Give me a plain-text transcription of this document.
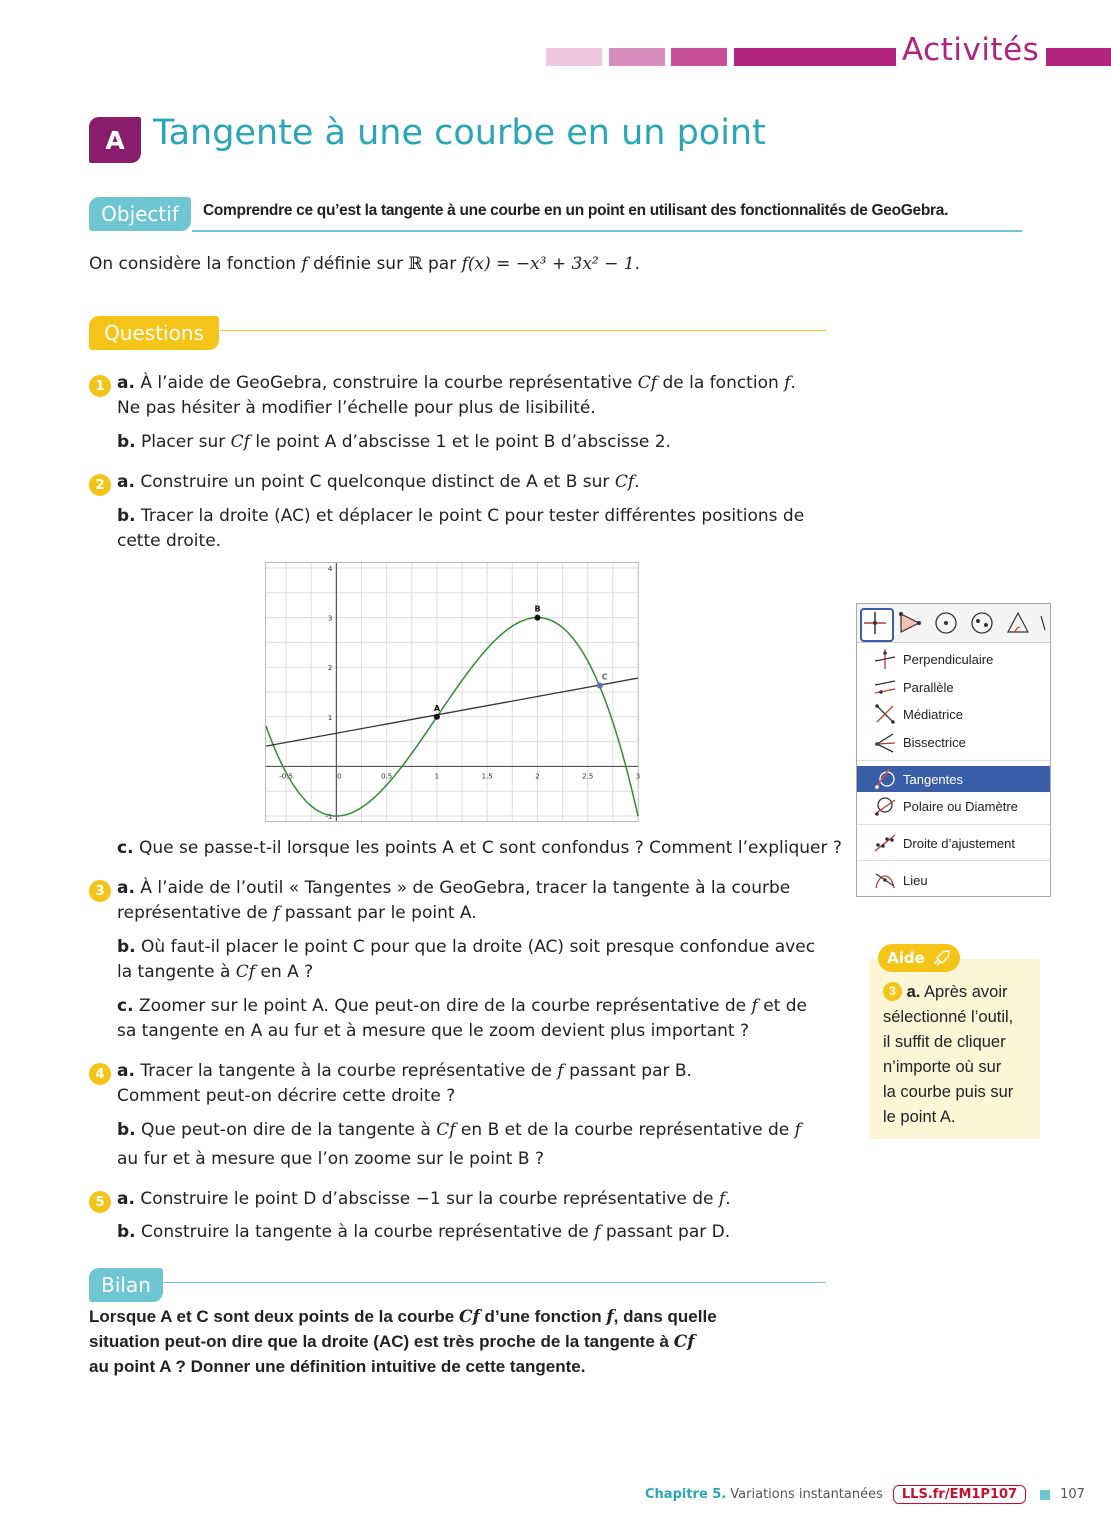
Activités
A Tangente à une courbe en un point
Objectif	Comprendre ce qu’est la tangente à une courbe en un point en utilisant des fonctionnalités de GeoGebra.
On considère la fonction f définie sur ℝ par f(x) = −x³ + 3x² − 1.
Questions
1 a. À l’aide de GeoGebra, construire la courbe représentative Cf de la fonction f.
Ne pas hésiter à modifier l’échelle pour plus de lisibilité.
b. Placer sur Cf le point A d’abscisse 1 et le point B d’abscisse 2.
2 a. Construire un point C quelconque distinct de A et B sur Cf.
b. Tracer la droite (AC) et déplacer le point C pour tester différentes positions de
cette droite.
-0.5	0	0.5	1	1.5	2	2.5	3
4
3
2
1
-1
A
B
C
c. Que se passe-t-il lorsque les points A et C sont confondus ? Comment l’expliquer ?
3 a. À l’aide de l’outil « Tangentes » de GeoGebra, tracer la tangente à la courbe
représentative de f passant par le point A.
b. Où faut-il placer le point C pour que la droite (AC) soit presque confondue avec
la tangente à Cf en A ?
c. Zoomer sur le point A. Que peut-on dire de la courbe représentative de f et de
sa tangente en A au fur et à mesure que le zoom devient plus important ?
4 a. Tracer la tangente à la courbe représentative de f passant par B.
Comment peut-on décrire cette droite ?
b. Que peut-on dire de la tangente à Cf en B et de la courbe représentative de f
au fur et à mesure que l’on zoome sur le point B ?
5 a. Construire le point D d’abscisse −1 sur la courbe représentative de f.
b. Construire la tangente à la courbe représentative de f passant par D.
Perpendiculaire
Parallèle
Médiatrice
Bissectrice
Tangentes
Polaire ou Diamètre
Droite d’ajustement
Lieu
Aide
3 a. Après avoir
sélectionné l’outil,
il suffit de cliquer
n’importe où sur
la courbe puis sur
le point A.
Bilan
Lorsque A et C sont deux points de la courbe Cf d’une fonction f, dans quelle
situation peut-on dire que la droite (AC) est très proche de la tangente à Cf
au point A ? Donner une définition intuitive de cette tangente.
Chapitre 5. Variations instantanées	LLS.fr/EM1P107	107
